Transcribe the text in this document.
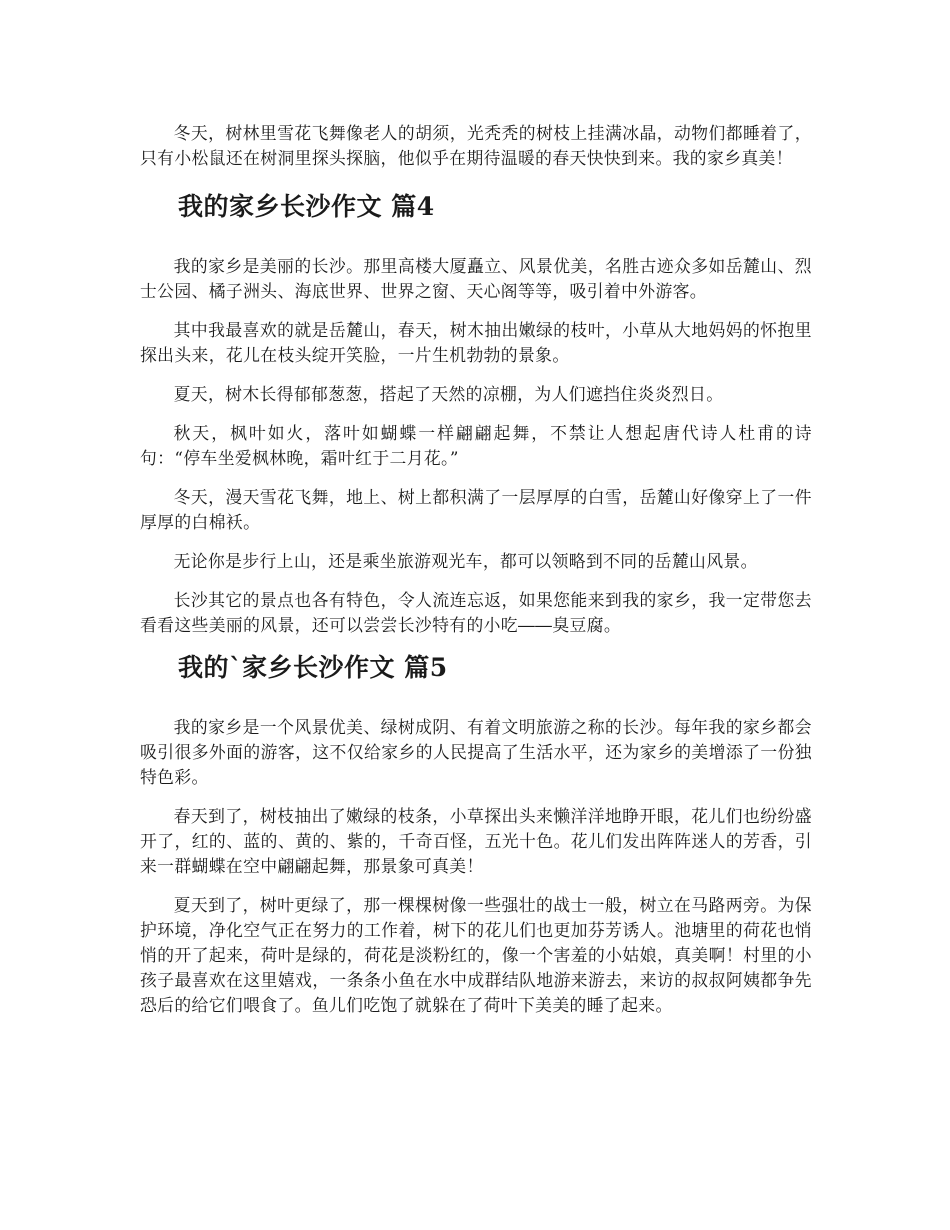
冬天，树林里雪花飞舞像老人的胡须，光秃秃的树枝上挂满冰晶，动物们都睡着了，只有小松鼠还在树洞里探头探脑，他似乎在期待温暖的春天快快到来。我的家乡真美！

我的家乡长沙作文 篇4

我的家乡是美丽的长沙。那里高楼大厦矗立、风景优美，名胜古迹众多如岳麓山、烈士公园、橘子洲头、海底世界、世界之窗、天心阁等等，吸引着中外游客。

其中我最喜欢的就是岳麓山，春天，树木抽出嫩绿的枝叶，小草从大地妈妈的怀抱里探出头来，花儿在枝头绽开笑脸，一片生机勃勃的景象。

夏天，树木长得郁郁葱葱，搭起了天然的凉棚，为人们遮挡住炎炎烈日。

秋天，枫叶如火，落叶如蝴蝶一样翩翩起舞，不禁让人想起唐代诗人杜甫的诗句：“停车坐爱枫林晚，霜叶红于二月花。”

冬天，漫天雪花飞舞，地上、树上都积满了一层厚厚的白雪，岳麓山好像穿上了一件厚厚的白棉袄。

无论你是步行上山，还是乘坐旅游观光车，都可以领略到不同的岳麓山风景。

长沙其它的景点也各有特色，令人流连忘返，如果您能来到我的家乡，我一定带您去看看这些美丽的风景，还可以尝尝长沙特有的小吃――臭豆腐。

我的`家乡长沙作文 篇5

我的家乡是一个风景优美、绿树成阴、有着文明旅游之称的长沙。每年我的家乡都会吸引很多外面的游客，这不仅给家乡的人民提高了生活水平，还为家乡的美增添了一份独特色彩。

春天到了，树枝抽出了嫩绿的枝条，小草探出头来懒洋洋地睁开眼，花儿们也纷纷盛开了，红的、蓝的、黄的、紫的，千奇百怪，五光十色。花儿们发出阵阵迷人的芳香，引来一群蝴蝶在空中翩翩起舞，那景象可真美！

夏天到了，树叶更绿了，那一棵棵树像一些强壮的战士一般，树立在马路两旁。为保护环境，净化空气正在努力的工作着，树下的花儿们也更加芬芳诱人。池塘里的荷花也悄悄的开了起来，荷叶是绿的，荷花是淡粉红的，像一个害羞的小姑娘，真美啊！村里的小孩子最喜欢在这里嬉戏，一条条小鱼在水中成群结队地游来游去，来访的叔叔阿姨都争先恐后的给它们喂食了。鱼儿们吃饱了就躲在了荷叶下美美的睡了起来。
